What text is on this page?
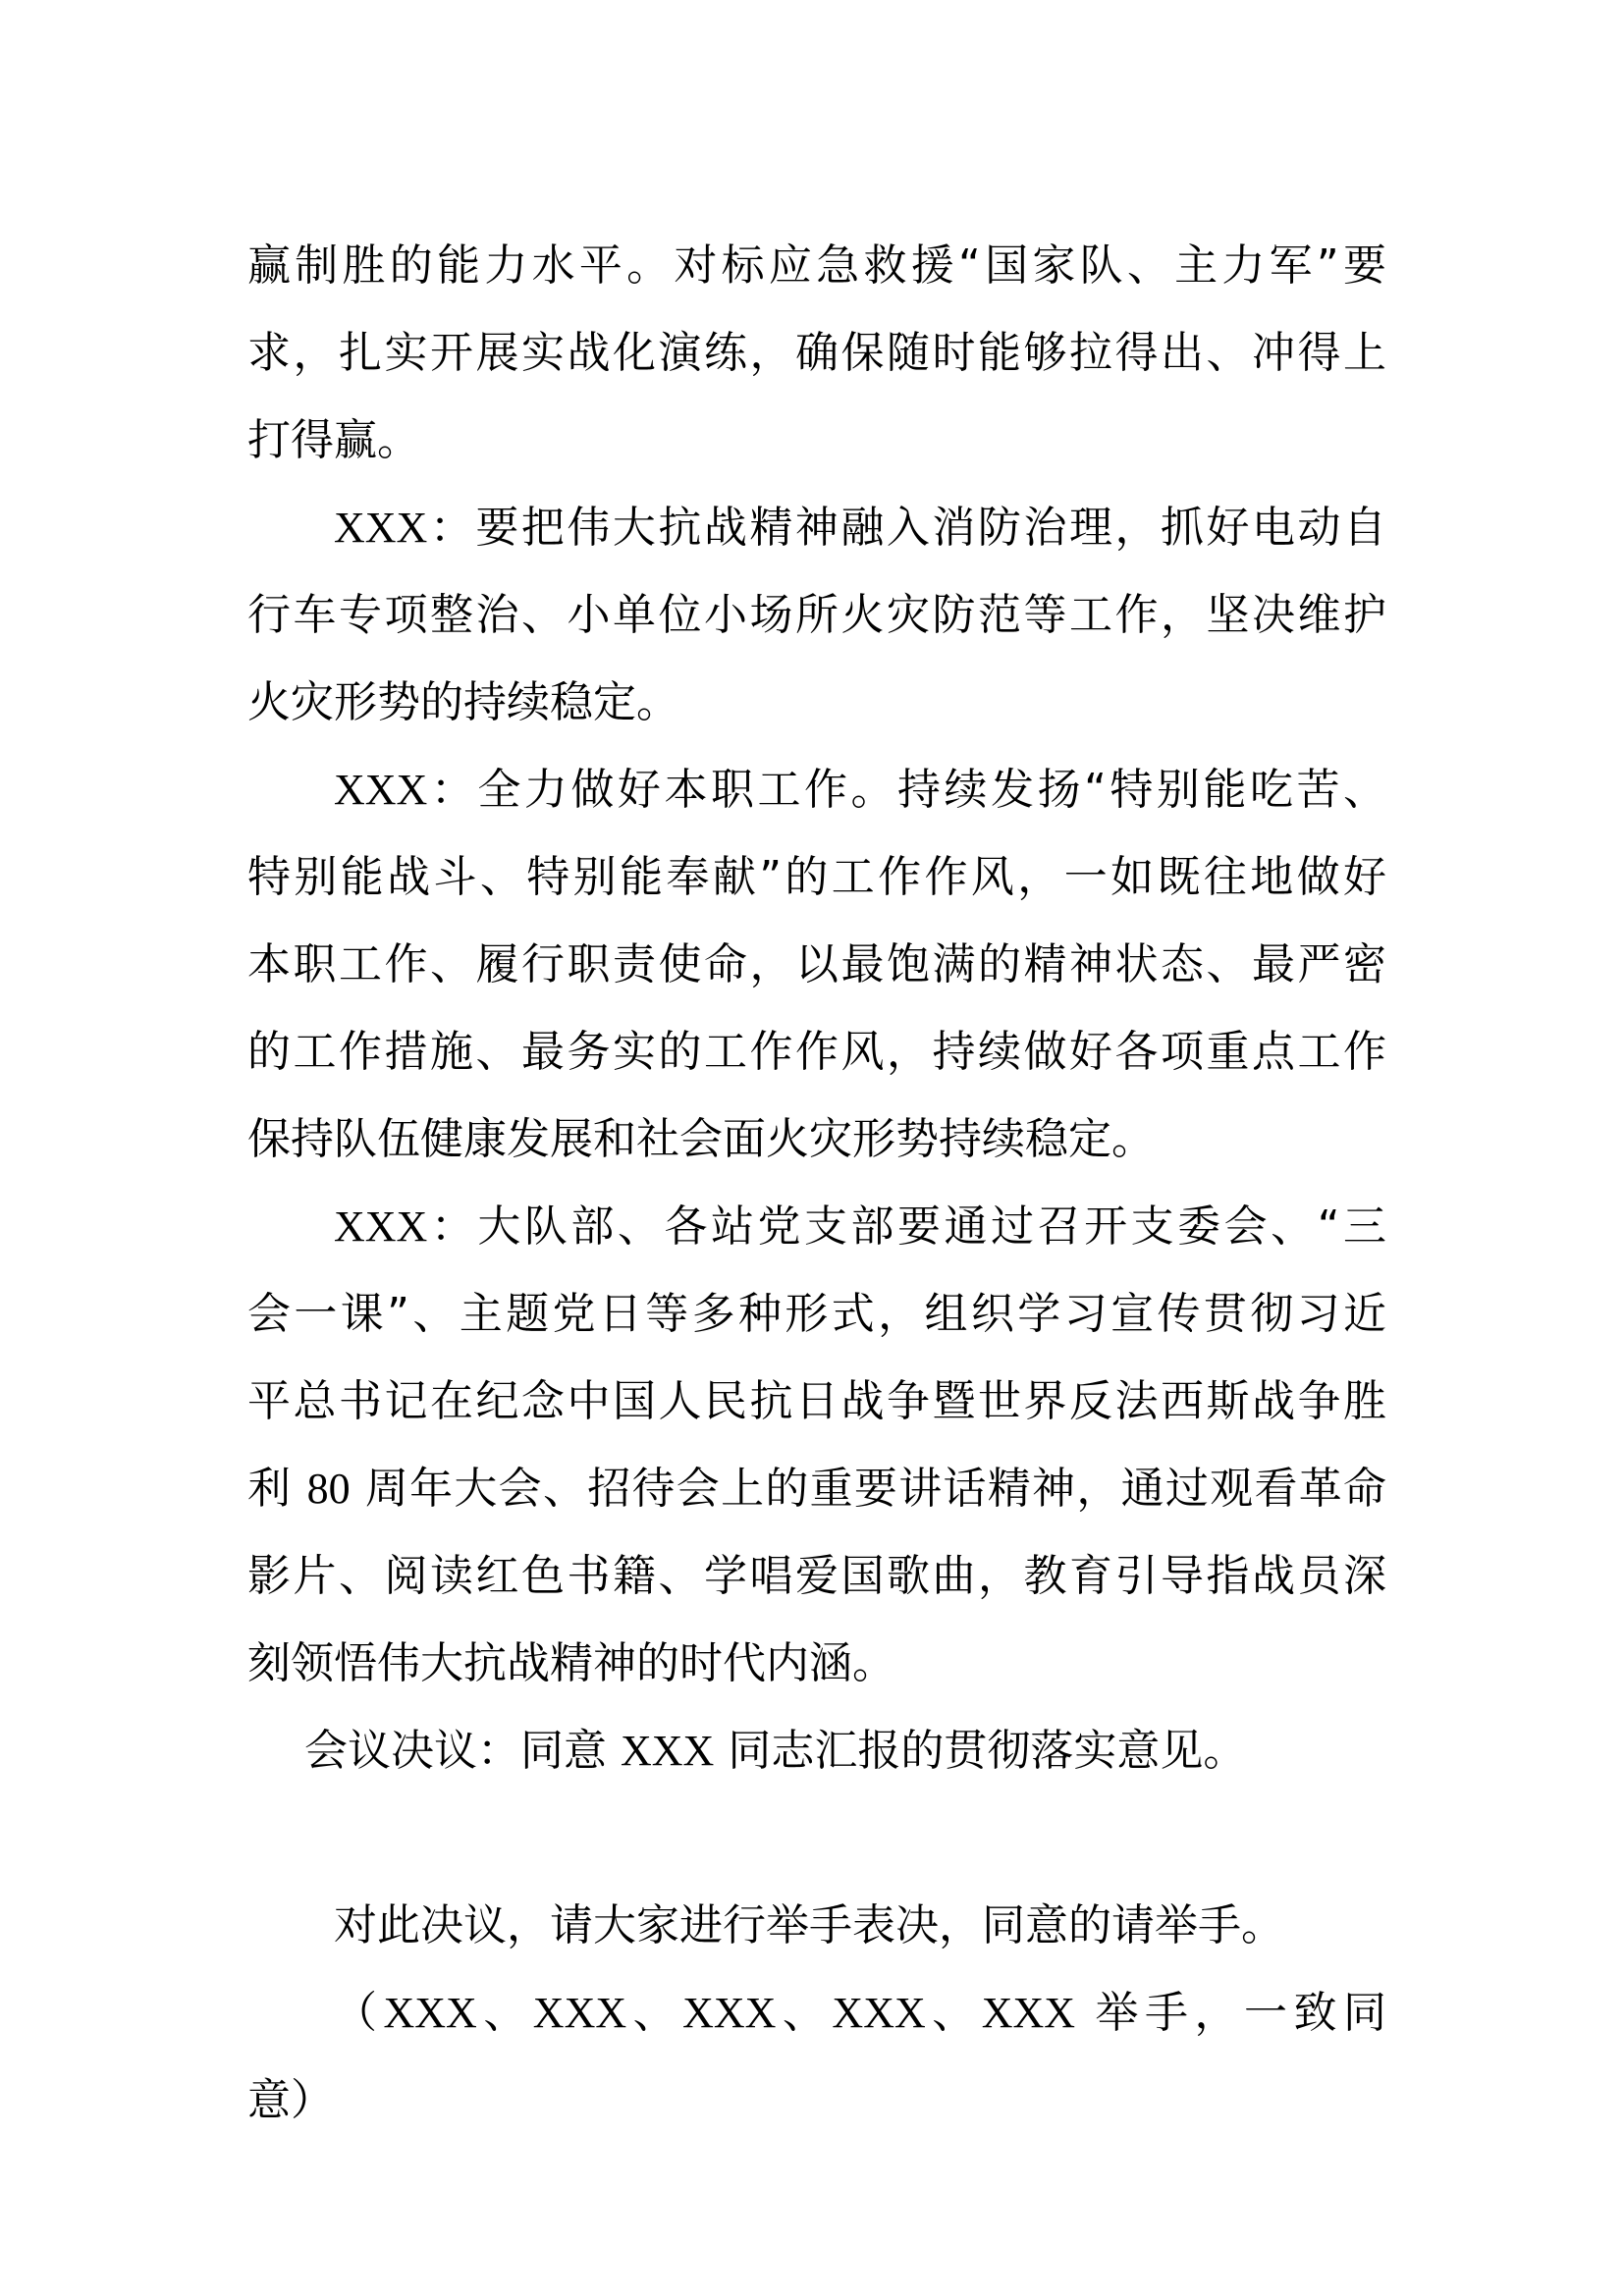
赢制胜的能力水平。对标应急救援“国家队、主力军”要
求，扎实开展实战化演练，确保随时能够拉得出、冲得上
打得赢。
XXX：要把伟大抗战精神融入消防治理，抓好电动自
行车专项整治、小单位小场所火灾防范等工作，坚决维护
火灾形势的持续稳定。
XXX：全力做好本职工作。持续发扬“特别能吃苦、
特别能战斗、特别能奉献”的工作作风，一如既往地做好
本职工作、履行职责使命，以最饱满的精神状态、最严密
的工作措施、最务实的工作作风，持续做好各项重点工作
保持队伍健康发展和社会面火灾形势持续稳定。
XXX：大队部、各站党支部要通过召开支委会、“三
会一课”、主题党日等多种形式，组织学习宣传贯彻习近
平总书记在纪念中国人民抗日战争暨世界反法西斯战争胜
利 80 周年大会、招待会上的重要讲话精神，通过观看革命
影片、阅读红色书籍、学唱爱国歌曲，教育引导指战员深
刻领悟伟大抗战精神的时代内涵。
会议决议：同意 XXX 同志汇报的贯彻落实意见。
对此决议，请大家进行举手表决，同意的请举手。
（XXX、XXX、XXX、XXX、XXX 举手，一致同
意）
